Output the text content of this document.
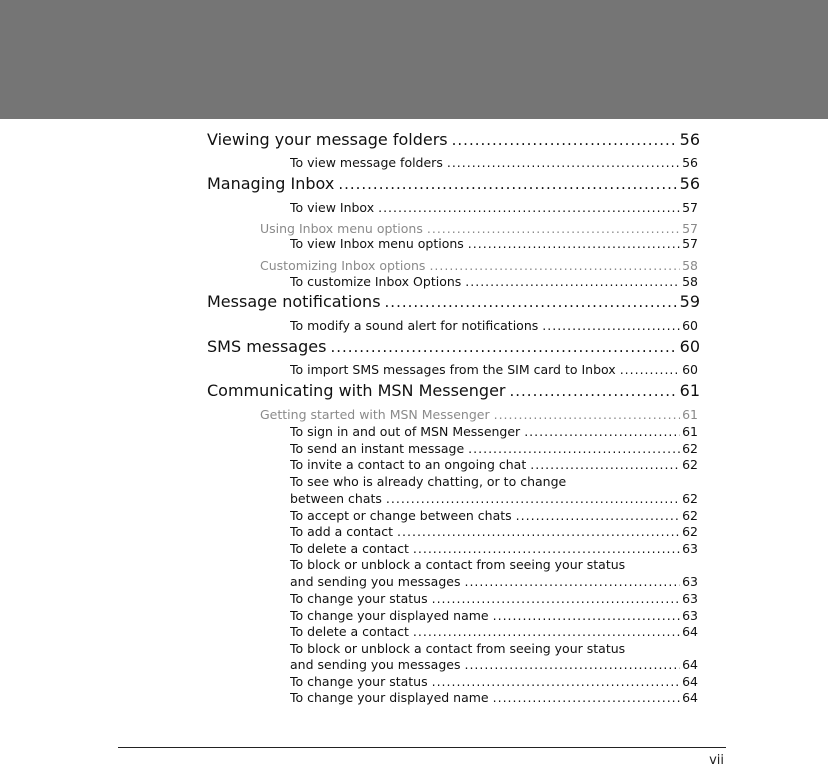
Viewing your message folders .....	56
To view message folders .....	56
Managing Inbox .....	56
To view Inbox .....	57
Using Inbox menu options .....	57
To view Inbox menu options .....	57
Customizing Inbox options .....	58
To customize Inbox Options .....	58
Message notifications .....	59
To modify a sound alert for notifications .....	60
SMS messages .....	60
To import SMS messages from the SIM card to Inbox .....	60
Communicating with MSN Messenger .....	61
Getting started with MSN Messenger .....	61
To sign in and out of MSN Messenger .....	61
To send an instant message .....	62
To invite a contact to an ongoing chat .....	62
To see who is already chatting, or to change
between chats .....	62
To accept or change between chats .....	62
To add a contact .....	62
To delete a contact .....	63
To block or unblock a contact from seeing your status
and sending you messages .....	63
To change your status .....	63
To change your displayed name .....	63
To delete a contact .....	64
To block or unblock a contact from seeing your status
and sending you messages .....	64
To change your status .....	64
To change your displayed name .....	64
vii
